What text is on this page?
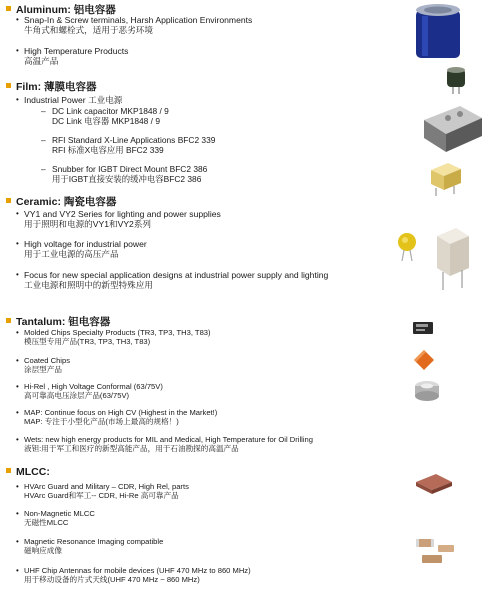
Aluminum: 铝电容器
• Snap-In & Screw terminals, Harsh Application Environments
牛角式和螺栓式，适用于恶劣环境
• High Temperature Products
高温产品
Film: 薄膜电容器
• Industrial Power 工业电源
– DC Link capacitor MKP1848 / 9
DC Link 电容器 MKP1848 / 9
– RFI Standard X-Line Applications BFC2 339
RFI 标准X电容应用 BFC2 339
– Snubber for IGBT Direct Mount BFC2 386
用于IGBT直接安装的缓冲电容BFC2 386
Ceramic: 陶瓷电容器
• VY1 and VY2 Series for lighting and power supplies
用于照明和电源的VY1和VY2系列
• High voltage for industrial power
用于工业电源的高压产品
• Focus for new special application designs at industrial power supply and lighting
工业电源和照明中的新型特殊应用
Tantalum: 钽电容器
• Molded Chips Specialty Products (TR3, TP3, TH3, T83)
模压型专用产品(TR3, TP3, TH3, T83)
• Coated Chips
涂层型产品
• Hi-Rel , High Voltage Conformal (63/75V)
高可靠高电压涂层产品(63/75V)
• MAP: Continue focus on High CV (Highest in the Market!)
MAP: 专注于小型化产品(市场上最高的规格！)
• Wets: new high energy products for MIL and Medical, High Temperature for Oil Drilling
液钽:用于军工和医疗的新型高能产品，用于石油勘探的高温产品
MLCC:
• HVArc Guard and Military – CDR, High Rel, parts
HVArc Guard和军工-- CDR, Hi-Re 高可靠产品
• Non-Magnetic MLCC
无磁性MLCC
• Magnetic Resonance Imaging compatible
磁响应成像
• UHF Chip Antennas for mobile devices (UHF 470 MHz to 860 MHz)
用于移动设备的片式天线(UHF 470 MHz ~ 860 MHz)
